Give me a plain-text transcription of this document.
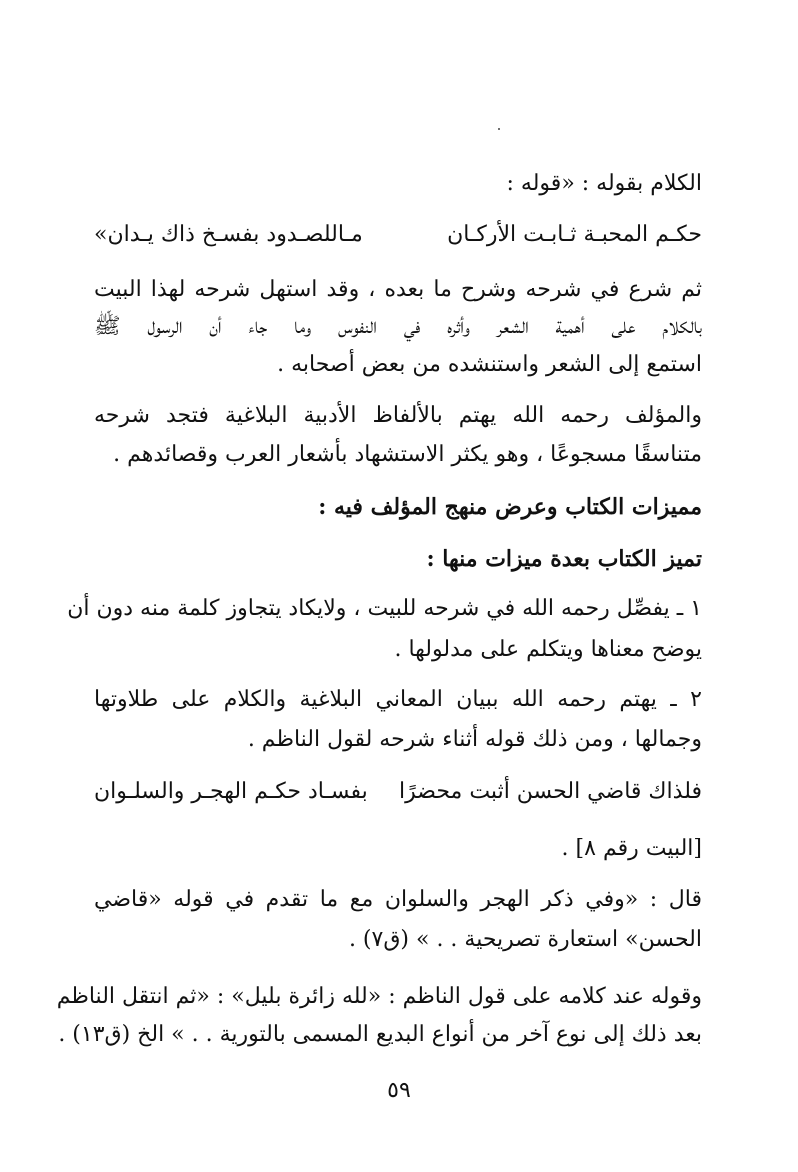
الكلام بقوله : «قوله :
حكـم المحبـة ثـابـت الأركـان
مـاللصـدود بفسـخ ذاك يـدان»
ثم شرع في شرحه وشرح ما بعده ، وقد استهل شرحه لهذا البيت
بالكلام على أهمية الشعر وأثره في النفوس وما جاء أن الرسول ﷺ
استمع إلى الشعر واستنشده من بعض أصحابه .
والمؤلف رحمه الله يهتم بالألفاظ الأدبية البلاغية فتجد شرحه
متناسقًا مسجوعًا ، وهو يكثر الاستشهاد بأشعار العرب وقصائدهم .
مميزات الكتاب وعرض منهج المؤلف فيه :
تميز الكتاب بعدة ميزات منها :
١ ـ يفصِّل رحمه الله في شرحه للبيت ، ولايكاد يتجاوز كلمة منه دون أن
يوضح معناها ويتكلم على مدلولها .
٢ ـ يهتم رحمه الله ببيان المعاني البلاغية والكلام على طلاوتها
وجمالها ، ومن ذلك قوله أثناء شرحه لقول الناظم .
فلذاك قاضي الحسن أثبت محضرًا
بفسـاد حكـم الهجـر والسلـوان
[البيت رقم ٨] .
قال : «وفي ذكر الهجر والسلوان مع ما تقدم في قوله «قاضي
الحسن» استعارة تصريحية . . » (ق٧) .
وقوله عند كلامه على قول الناظم : «لله زائرة بليل» : «ثم انتقل الناظم
بعد ذلك إلى نوع آخر من أنواع البديع المسمى بالتورية . . » الخ (ق١٣) .
٥٩
